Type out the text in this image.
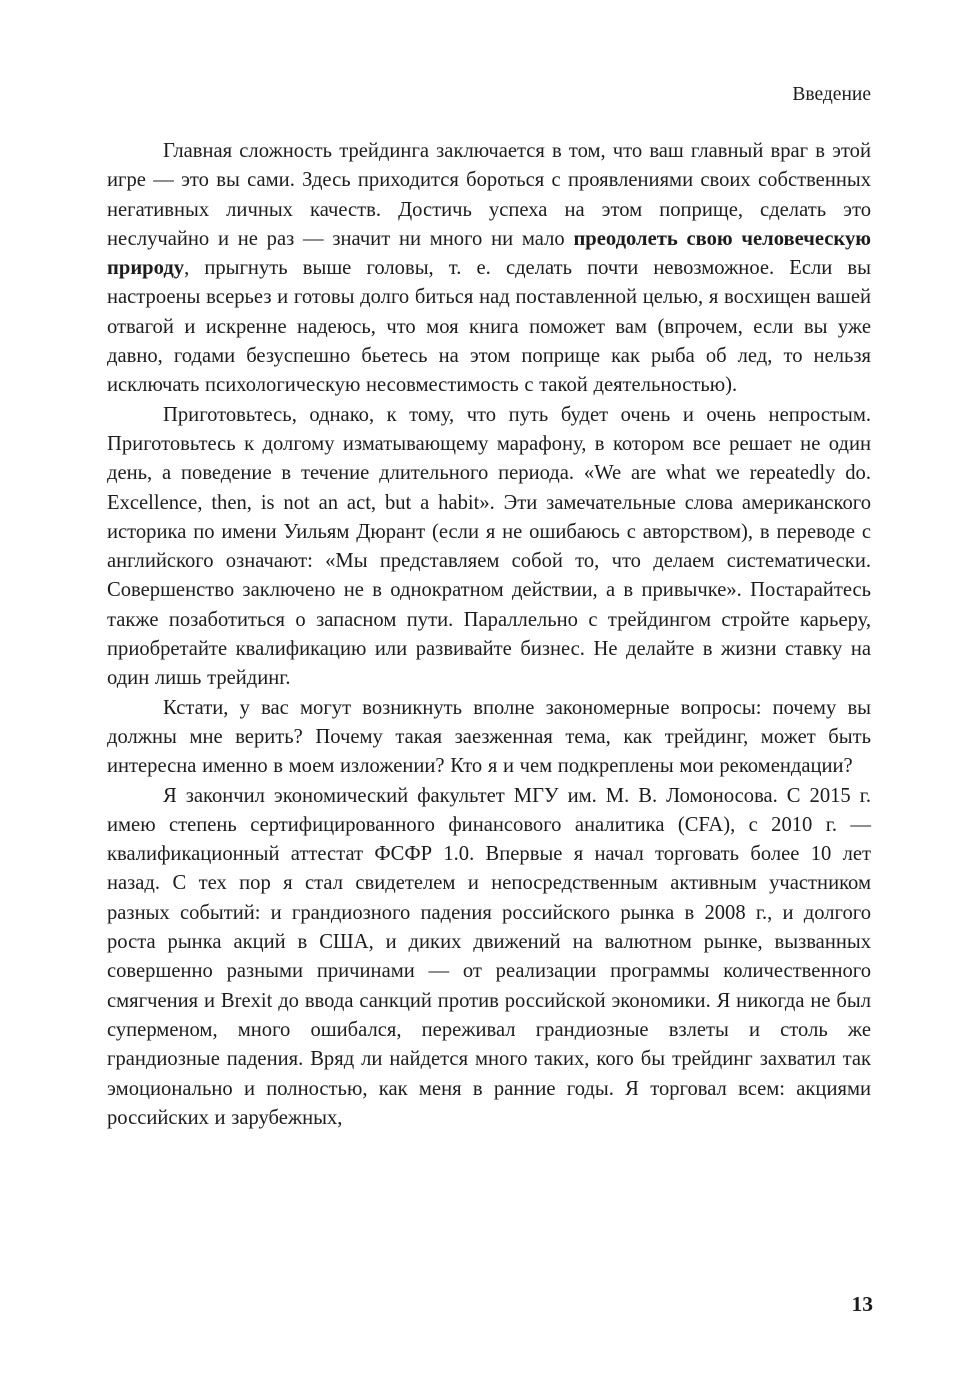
Введение

Главная сложность трейдинга заключается в том, что ваш главный враг в этой игре — это вы сами. Здесь приходится бороться с проявлениями своих собственных негативных личных качеств. Достичь успеха на этом поприще, сделать это неслучайно и не раз — значит ни много ни мало преодолеть свою человеческую природу, прыгнуть выше головы, т. е. сделать почти невозможное. Если вы настроены всерьез и готовы долго биться над поставленной целью, я восхищен вашей отвагой и искренне надеюсь, что моя книга поможет вам (впрочем, если вы уже давно, годами безуспешно бьетесь на этом поприще как рыба об лед, то нельзя исключать психологическую несовместимость с такой деятельностью).

Приготовьтесь, однако, к тому, что путь будет очень и очень непростым. Приготовьтесь к долгому изматывающему марафону, в котором все решает не один день, а поведение в течение длительного периода. «We are what we repeatedly do. Excellence, then, is not an act, but a habit». Эти замечательные слова американского историка по имени Уильям Дюрант (если я не ошибаюсь с авторством), в переводе с английского означают: «Мы представляем собой то, что делаем систематически. Совершенство заключено не в однократном действии, а в привычке». Постарайтесь также позаботиться о запасном пути. Параллельно с трейдингом стройте карьеру, приобретайте квалификацию или развивайте бизнес. Не делайте в жизни ставку на один лишь трейдинг.

Кстати, у вас могут возникнуть вполне закономерные вопросы: почему вы должны мне верить? Почему такая заезженная тема, как трейдинг, может быть интересна именно в моем изложении? Кто я и чем подкреплены мои рекомендации?

Я закончил экономический факультет МГУ им. М. В. Ломоносова. С 2015 г. имею степень сертифицированного финансового аналитика (CFA), с 2010 г. — квалификационный аттестат ФСФР 1.0. Впервые я начал торговать более 10 лет назад. С тех пор я стал свидетелем и непосредственным активным участником разных событий: и грандиозного падения российского рынка в 2008 г., и долгого роста рынка акций в США, и диких движений на валютном рынке, вызванных совершенно разными причинами — от реализации программы количественного смягчения и Brexit до ввода санкций против российской экономики. Я никогда не был суперменом, много ошибался, переживал грандиозные взлеты и столь же грандиозные падения. Вряд ли найдется много таких, кого бы трейдинг захватил так эмоционально и полностью, как меня в ранние годы. Я торговал всем: акциями российских и зарубежных,

13
